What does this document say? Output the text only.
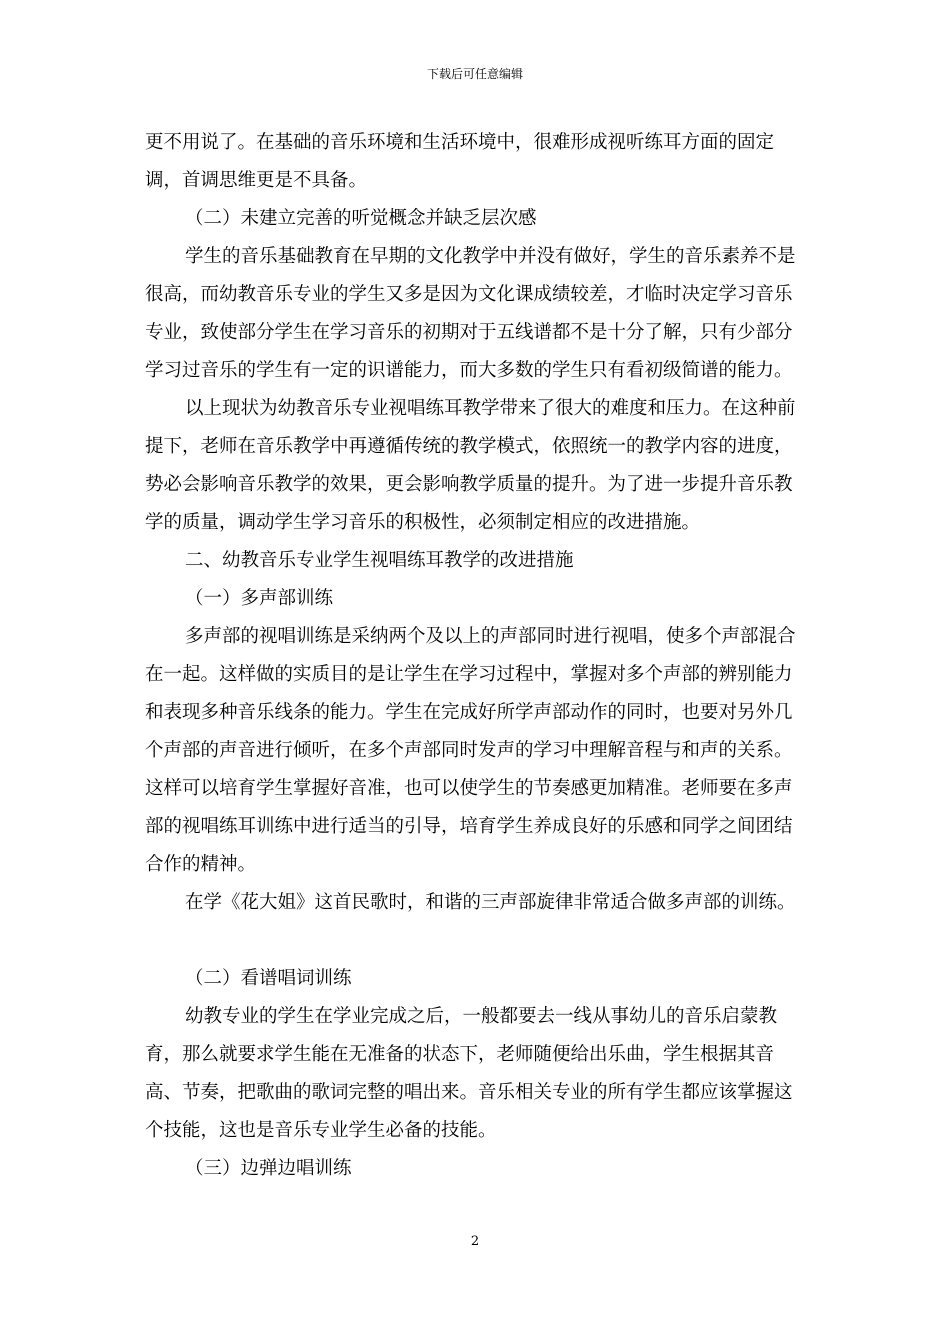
下载后可任意编辑

更不用说了。在基础的音乐环境和生活环境中，很难形成视听练耳方面的固定调，首调思维更是不具备。

（二）未建立完善的听觉概念并缺乏层次感

学生的音乐基础教育在早期的文化教学中并没有做好，学生的音乐素养不是很高，而幼教音乐专业的学生又多是因为文化课成绩较差，才临时决定学习音乐专业，致使部分学生在学习音乐的初期对于五线谱都不是十分了解，只有少部分学习过音乐的学生有一定的识谱能力，而大多数的学生只有看初级简谱的能力。

以上现状为幼教音乐专业视唱练耳教学带来了很大的难度和压力。在这种前提下，老师在音乐教学中再遵循传统的教学模式，依照统一的教学内容的进度，势必会影响音乐教学的效果，更会影响教学质量的提升。为了进一步提升音乐教学的质量，调动学生学习音乐的积极性，必须制定相应的改进措施。

二、幼教音乐专业学生视唱练耳教学的改进措施

（一）多声部训练

多声部的视唱训练是采纳两个及以上的声部同时进行视唱，使多个声部混合在一起。这样做的实质目的是让学生在学习过程中，掌握对多个声部的辨别能力和表现多种音乐线条的能力。学生在完成好所学声部动作的同时，也要对另外几个声部的声音进行倾听，在多个声部同时发声的学习中理解音程与和声的关系。这样可以培育学生掌握好音准，也可以使学生的节奏感更加精准。老师要在多声部的视唱练耳训练中进行适当的引导，培育学生养成良好的乐感和同学之间团结合作的精神。

在学《花大姐》这首民歌时，和谐的三声部旋律非常适合做多声部的训练。

（二）看谱唱词训练

幼教专业的学生在学业完成之后，一般都要去一线从事幼儿的音乐启蒙教育，那么就要求学生能在无准备的状态下，老师随便给出乐曲，学生根据其音高、节奏，把歌曲的歌词完整的唱出来。音乐相关专业的所有学生都应该掌握这个技能，这也是音乐专业学生必备的技能。

（三）边弹边唱训练

2
